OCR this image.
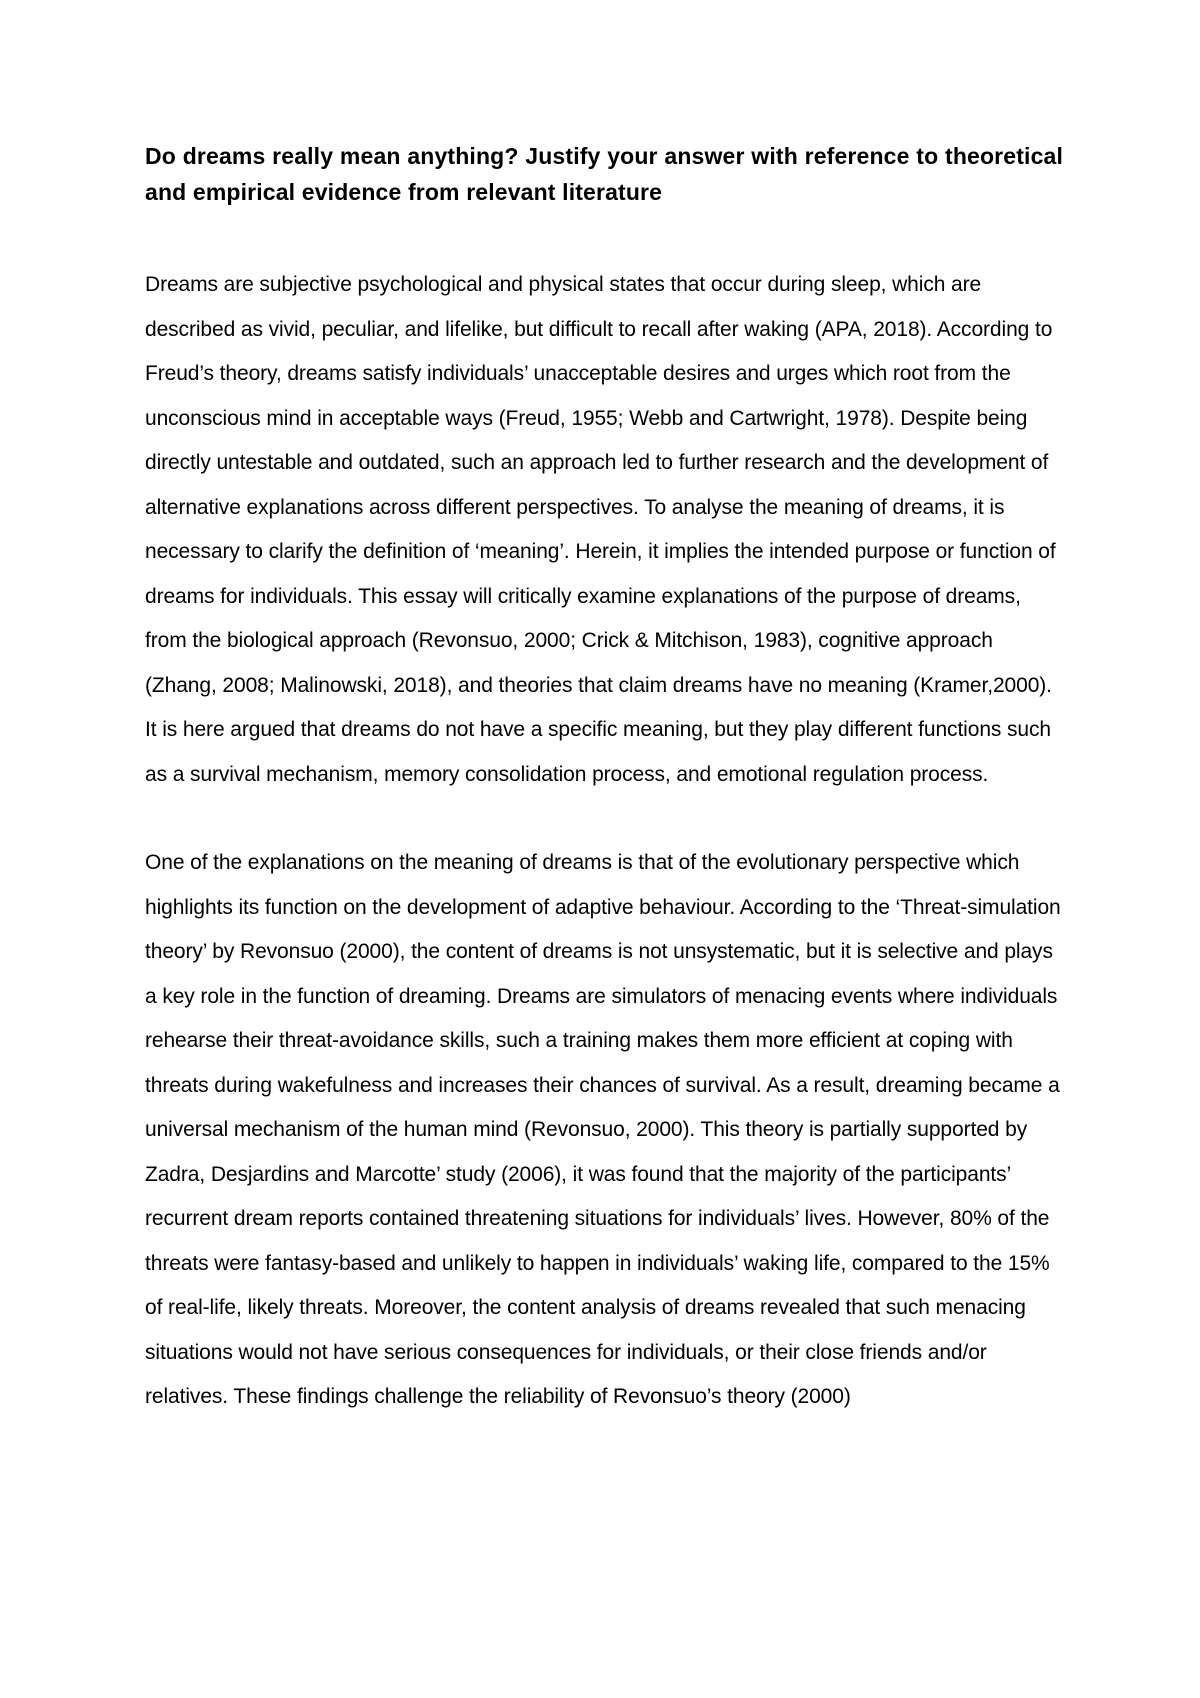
Do dreams really mean anything? Justify your answer with reference to theoretical and empirical evidence from relevant literature

Dreams are subjective psychological and physical states that occur during sleep, which are described as vivid, peculiar, and lifelike, but difficult to recall after waking (APA, 2018). According to Freud’s theory, dreams satisfy individuals’ unacceptable desires and urges which root from the unconscious mind in acceptable ways (Freud, 1955; Webb and Cartwright, 1978). Despite being directly untestable and outdated, such an approach led to further research and the development of alternative explanations across different perspectives. To analyse the meaning of dreams, it is necessary to clarify the definition of ‘meaning’. Herein, it implies the intended purpose or function of dreams for individuals. This essay will critically examine explanations of the purpose of dreams, from the biological approach (Revonsuo, 2000; Crick & Mitchison, 1983), cognitive approach (Zhang, 2008; Malinowski, 2018), and theories that claim dreams have no meaning (Kramer,2000). It is here argued that dreams do not have a specific meaning, but they play different functions such as a survival mechanism, memory consolidation process, and emotional regulation process.

One of the explanations on the meaning of dreams is that of the evolutionary perspective which highlights its function on the development of adaptive behaviour. According to the ‘Threat-simulation theory’ by Revonsuo (2000), the content of dreams is not unsystematic, but it is selective and plays a key role in the function of dreaming. Dreams are simulators of menacing events where individuals rehearse their threat-avoidance skills, such a training makes them more efficient at coping with threats during wakefulness and increases their chances of survival. As a result, dreaming became a universal mechanism of the human mind (Revonsuo, 2000). This theory is partially supported by Zadra, Desjardins and Marcotte’ study (2006), it was found that the majority of the participants’ recurrent dream reports contained threatening situations for individuals’ lives. However, 80% of the threats were fantasy-based and unlikely to happen in individuals’ waking life, compared to the 15% of real-life, likely threats. Moreover, the content analysis of dreams revealed that such menacing situations would not have serious consequences for individuals, or their close friends and/or relatives. These findings challenge the reliability of Revonsuo’s theory (2000)
